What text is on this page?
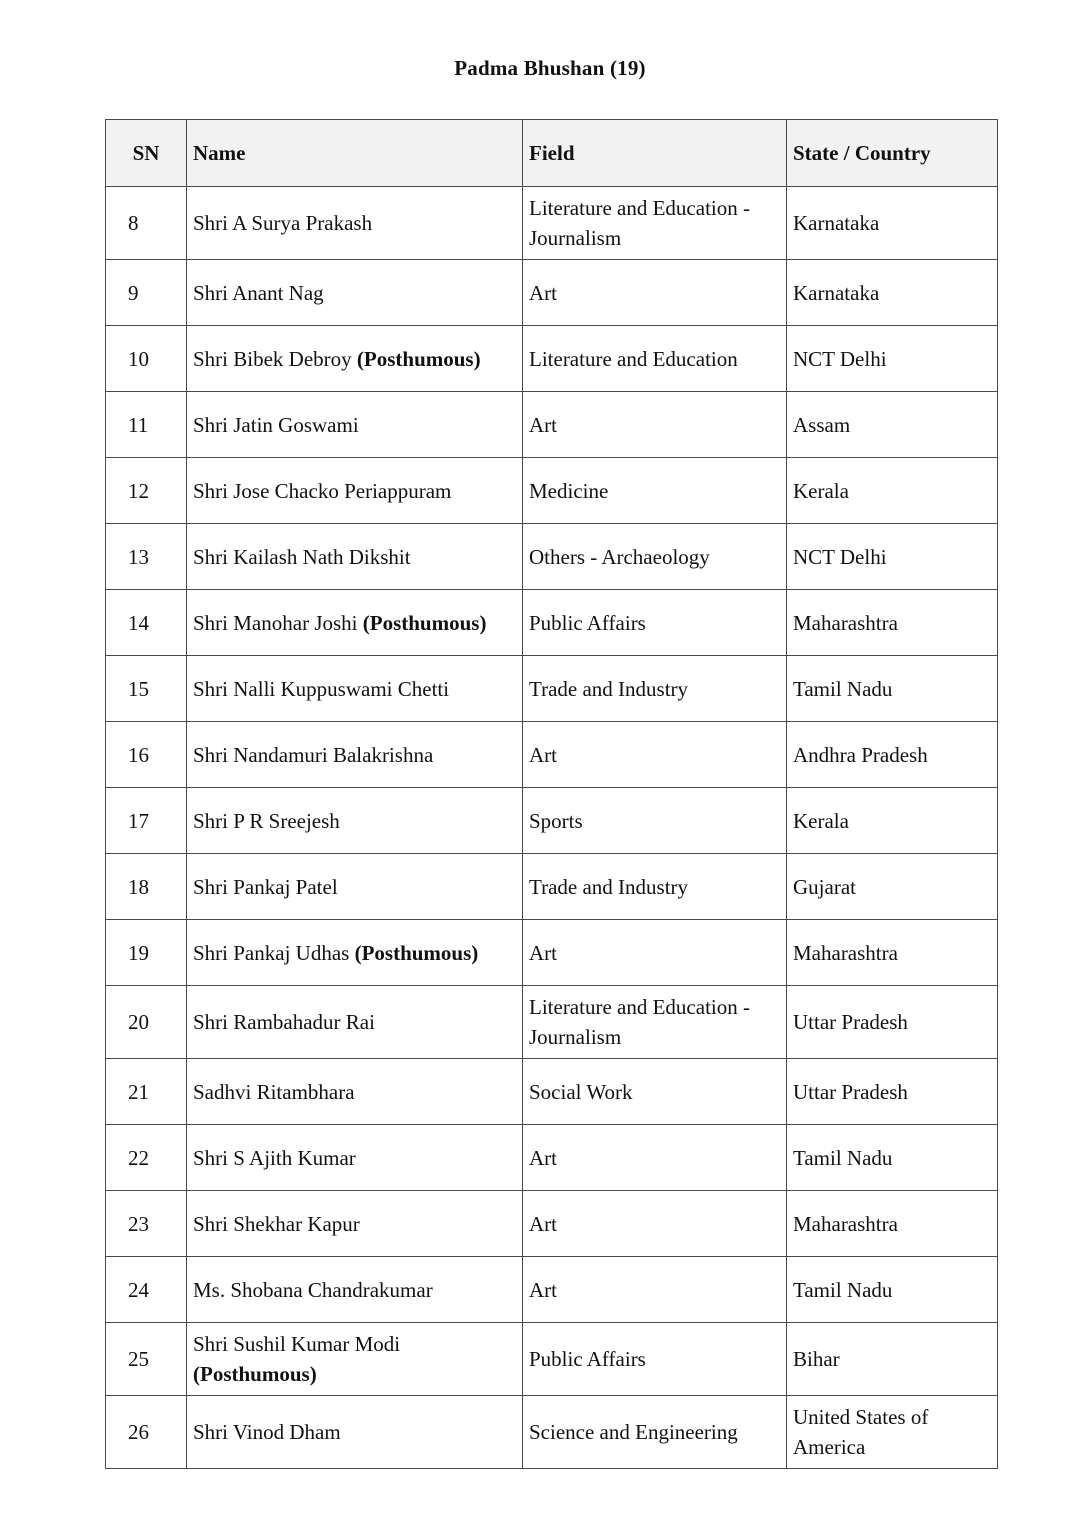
Padma Bhushan (19)
SN	Name	Field	State / Country
8	Shri A Surya Prakash	Literature and Education - Journalism	Karnataka
9	Shri Anant Nag	Art	Karnataka
10	Shri Bibek Debroy (Posthumous)	Literature and Education	NCT Delhi
11	Shri Jatin Goswami	Art	Assam
12	Shri Jose Chacko Periappuram	Medicine	Kerala
13	Shri Kailash Nath Dikshit	Others - Archaeology	NCT Delhi
14	Shri Manohar Joshi (Posthumous)	Public Affairs	Maharashtra
15	Shri Nalli Kuppuswami Chetti	Trade and Industry	Tamil Nadu
16	Shri Nandamuri Balakrishna	Art	Andhra Pradesh
17	Shri P R Sreejesh	Sports	Kerala
18	Shri Pankaj Patel	Trade and Industry	Gujarat
19	Shri Pankaj Udhas (Posthumous)	Art	Maharashtra
20	Shri Rambahadur Rai	Literature and Education - Journalism	Uttar Pradesh
21	Sadhvi Ritambhara	Social Work	Uttar Pradesh
22	Shri S Ajith Kumar	Art	Tamil Nadu
23	Shri Shekhar Kapur	Art	Maharashtra
24	Ms. Shobana Chandrakumar	Art	Tamil Nadu
25	Shri Sushil Kumar Modi (Posthumous)	Public Affairs	Bihar
26	Shri Vinod Dham	Science and Engineering	United States of America
